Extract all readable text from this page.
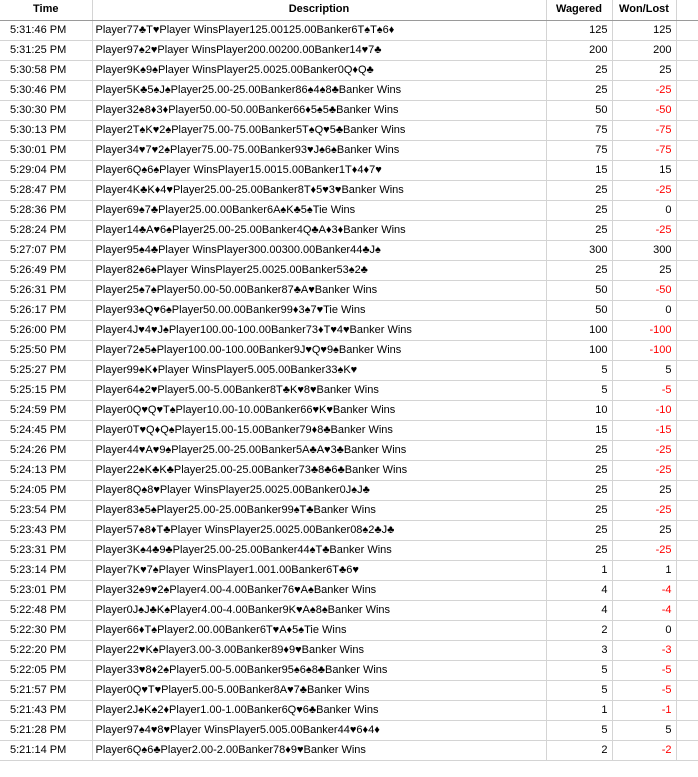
Time	Description	Wagered	Won/Lost	
5:31:46 PM	Player77♣T♥Player WinsPlayer125.00125.00Banker6T♠T♠6♦	125	125	
5:31:25 PM	Player97♠2♥Player WinsPlayer200.00200.00Banker14♥7♣	200	200	
5:30:58 PM	Player9K♠9♠Player WinsPlayer25.0025.00Banker0Q♦Q♣	25	25	
5:30:46 PM	Player5K♣5♠J♠Player25.00-25.00Banker86♠4♠8♣Banker Wins	25	-25	
5:30:30 PM	Player32♠8♦3♦Player50.00-50.00Banker66♦5♠5♣Banker Wins	50	-50	
5:30:13 PM	Player2T♠K♥2♠Player75.00-75.00Banker5T♠Q♥5♣Banker Wins	75	-75	
5:30:01 PM	Player34♥7♥2♠Player75.00-75.00Banker93♥J♠6♠Banker Wins	75	-75	
5:29:04 PM	Player6Q♠6♠Player WinsPlayer15.0015.00Banker1T♦4♦7♥	15	15	
5:28:47 PM	Player4K♣K♦4♥Player25.00-25.00Banker8T♦5♥3♥Banker Wins	25	-25	
5:28:36 PM	Player69♠7♣Player25.00.00Banker6A♠K♣5♠Tie Wins	25	0	
5:28:24 PM	Player14♣A♥6♠Player25.00-25.00Banker4Q♣A♦3♦Banker Wins	25	-25	
5:27:07 PM	Player95♠4♣Player WinsPlayer300.00300.00Banker44♣J♠	300	300	
5:26:49 PM	Player82♠6♠Player WinsPlayer25.0025.00Banker53♠2♣	25	25	
5:26:31 PM	Player25♠7♠Player50.00-50.00Banker87♣A♥Banker Wins	50	-50	
5:26:17 PM	Player93♠Q♥6♠Player50.00.00Banker99♦3♠7♥Tie Wins	50	0	
5:26:00 PM	Player4J♥4♥J♠Player100.00-100.00Banker73♦T♥4♥Banker Wins	100	-100	
5:25:50 PM	Player72♠5♠Player100.00-100.00Banker9J♥Q♥9♠Banker Wins	100	-100	
5:25:27 PM	Player99♠K♦Player WinsPlayer5.005.00Banker33♠K♥	5	5	
5:25:15 PM	Player64♠2♥Player5.00-5.00Banker8T♣K♥8♥Banker Wins	5	-5	
5:24:59 PM	Player0Q♥Q♥T♠Player10.00-10.00Banker66♥K♥Banker Wins	10	-10	
5:24:45 PM	Player0T♥Q♦Q♠Player15.00-15.00Banker79♦8♣Banker Wins	15	-15	
5:24:26 PM	Player44♥A♥9♠Player25.00-25.00Banker5A♣A♥3♣Banker Wins	25	-25	
5:24:13 PM	Player22♠K♣K♣Player25.00-25.00Banker73♣8♣6♣Banker Wins	25	-25	
5:24:05 PM	Player8Q♠8♥Player WinsPlayer25.0025.00Banker0J♠J♣	25	25	
5:23:54 PM	Player83♠5♠Player25.00-25.00Banker99♠T♣Banker Wins	25	-25	
5:23:43 PM	Player57♠8♦T♣Player WinsPlayer25.0025.00Banker08♠2♣J♣	25	25	
5:23:31 PM	Player3K♠4♣9♣Player25.00-25.00Banker44♠T♣Banker Wins	25	-25	
5:23:14 PM	Player7K♥7♠Player WinsPlayer1.001.00Banker6T♣6♥	1	1	
5:23:01 PM	Player32♠9♥2♠Player4.00-4.00Banker76♥A♠Banker Wins	4	-4	
5:22:48 PM	Player0J♠J♣K♠Player4.00-4.00Banker9K♥A♠8♠Banker Wins	4	-4	
5:22:30 PM	Player66♦T♠Player2.00.00Banker6T♥A♦5♠Tie Wins	2	0	
5:22:20 PM	Player22♥K♠Player3.00-3.00Banker89♦9♥Banker Wins	3	-3	
5:22:05 PM	Player33♥8♦2♠Player5.00-5.00Banker95♠6♠8♣Banker Wins	5	-5	
5:21:57 PM	Player0Q♥T♥Player5.00-5.00Banker8A♥7♣Banker Wins	5	-5	
5:21:43 PM	Player2J♠K♠2♦Player1.00-1.00Banker6Q♥6♣Banker Wins	1	-1	
5:21:28 PM	Player97♠4♥8♥Player WinsPlayer5.005.00Banker44♥6♦4♦	5	5	
5:21:14 PM	Player6Q♠6♣Player2.00-2.00Banker78♦9♥Banker Wins	2	-2	
